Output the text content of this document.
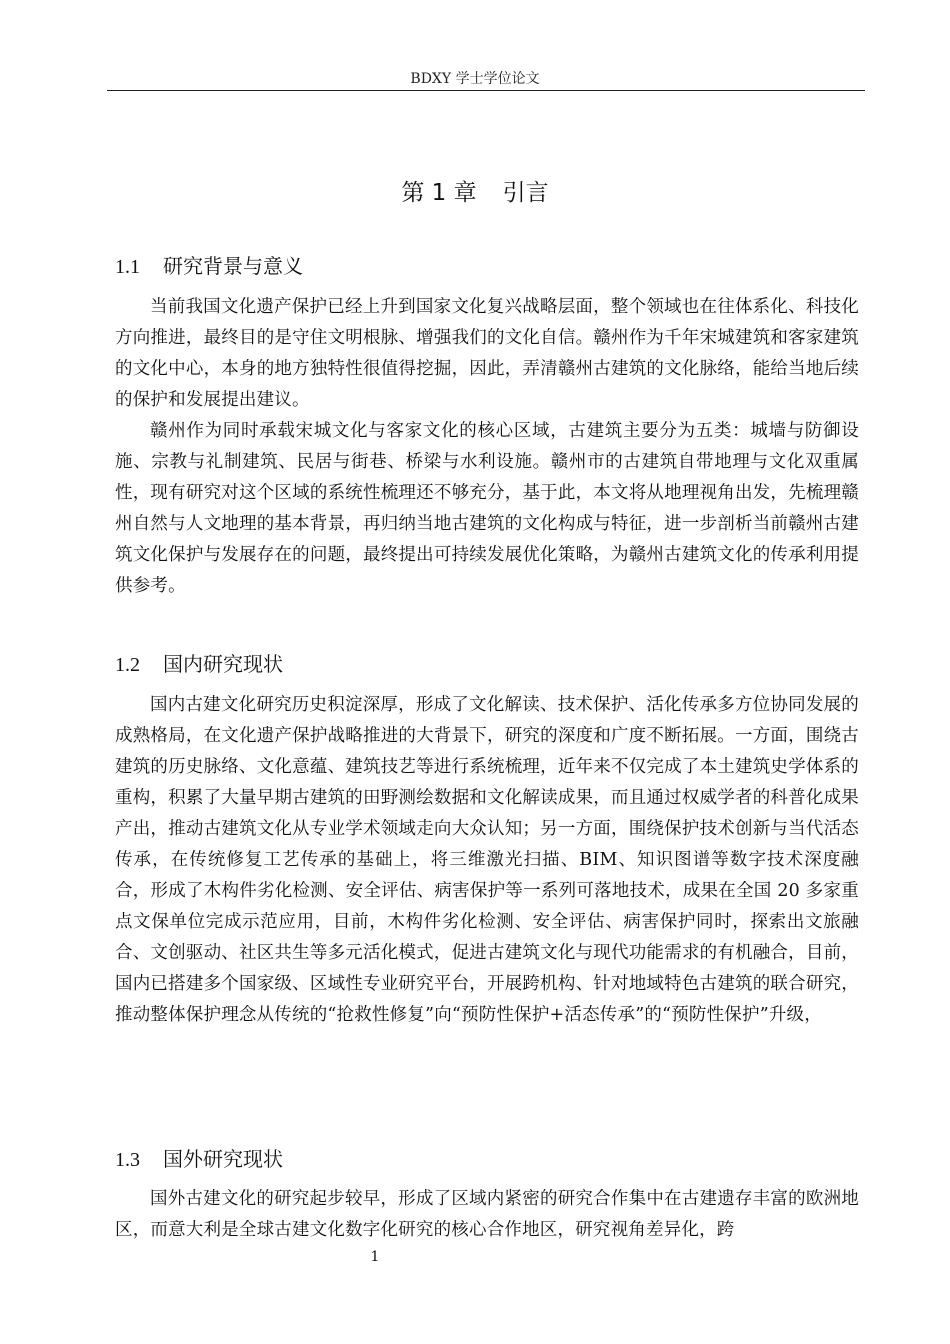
BDXY 学士学位论文
第 1 章 引言
1.1 研究背景与意义

当前我国文化遗产保护已经上升到国家文化复兴战略层面，整个领域也在往体系化、科技化方向推进，最终目的是守住文明根脉、增强我们的文化自信。赣州作为千年宋城建筑和客家建筑的文化中心，本身的地方独特性很值得挖掘，因此，弄清赣州古建筑的文化脉络，能给当地后续的保护和发展提出建议。

赣州作为同时承载宋城文化与客家文化的核心区域，古建筑主要分为五类：城墙与防御设施、宗教与礼制建筑、民居与街巷、桥梁与水利设施。赣州市的古建筑自带地理与文化双重属性，现有研究对这个区域的系统性梳理还不够充分，基于此，本文将从地理视角出发，先梳理赣州自然与人文地理的基本背景，再归纳当地古建筑的文化构成与特征，进一步剖析当前赣州古建筑文化保护与发展存在的问题，最终提出可持续发展优化策略，为赣州古建筑文化的传承利用提供参考。

1.2 国内研究现状

国内古建文化研究历史积淀深厚，形成了文化解读、技术保护、活化传承多方位协同发展的成熟格局，在文化遗产保护战略推进的大背景下，研究的深度和广度不断拓展。一方面，围绕古建筑的历史脉络、文化意蕴、建筑技艺等进行系统梳理，近年来不仅完成了本土建筑史学体系的重构，积累了大量早期古建筑的田野测绘数据和文化解读成果，而且通过权威学者的科普化成果产出，推动古建筑文化从专业学术领域走向大众认知；另一方面，围绕保护技术创新与当代活态传承，在传统修复工艺传承的基础上，将三维激光扫描、BIM、知识图谱等数字技术深度融合，形成了木构件劣化检测、安全评估、病害保护等一系列可落地技术，成果在全国 20 多家重点文保单位完成示范应用，目前，木构件劣化检测、安全评估、病害保护同时，探索出文旅融合、文创驱动、社区共生等多元活化模式，促进古建筑文化与现代功能需求的有机融合，目前，国内已搭建多个国家级、区域性专业研究平台，开展跨机构、针对地域特色古建筑的联合研究，推动整体保护理念从传统的“抢救性修复”向“预防性保护+活态传承”的“预防性保护”升级，

1.3 国外研究现状

国外古建文化的研究起步较早，形成了区域内紧密的研究合作集中在古建遗存丰富的欧洲地区，而意大利是全球古建文化数字化研究的核心合作地区，研究视角差异化，跨

1
